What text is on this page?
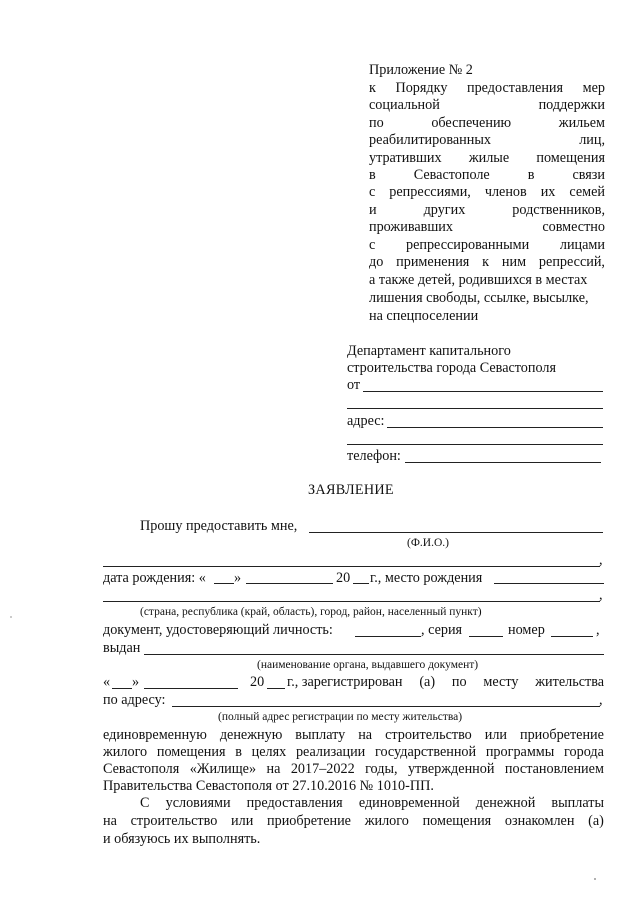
Приложение № 2
к Порядку предоставления мер
социальной	поддержки
по	обеспечению	жильем
реабилитированных	лиц,
утративших жилые помещения
в	Севастополе	в	связи
с репрессиями, членов их семей
и	других	родственников,
проживавших	совместно
с репрессированными лицами
до применения к ним репрессий,
а также детей, родившихся в местах
лишения свободы, ссылке, высылке,
на спецпоселении
Департамент капитального
строительства города Севастополя
от
адрес:
телефон:
ЗАЯВЛЕНИЕ
Прошу предоставить мне,
(Ф.И.О.)
,
дата рождения: « »	20 г., место рождения
,
(страна, республика (край, область), город, район, населенный пункт)
документ, удостоверяющий личность:	, серия	номер	,
выдан
(наименование органа, выдавшего документ)
« »	20 г., зарегистрирован (а) по месту жительства
по адресу:	,
(полный адрес регистрации по месту жительства)
единовременную денежную выплату на строительство или приобретение
жилого помещения в целях реализации государственной программы города
Севастополя «Жилище» на 2017–2022 годы, утвержденной постановлением
Правительства Севастополя от 27.10.2016 № 1010-ПП.
С условиями предоставления единовременной денежной выплаты
на строительство или приобретение жилого помещения ознакомлен (а)
и обязуюсь их выполнять.
